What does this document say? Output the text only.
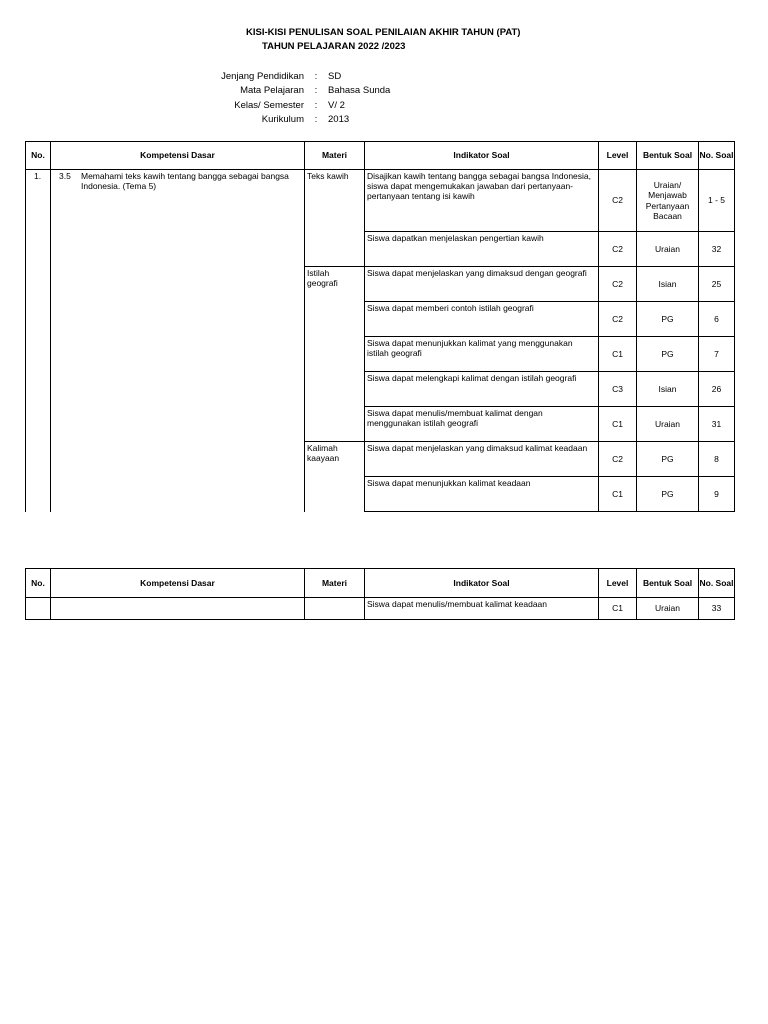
KISI-KISI PENULISAN SOAL PENILAIAN AKHIR TAHUN (PAT)
TAHUN PELAJARAN 2022 /2023
Jenjang Pendidikan	:	SD
Mata Pelajaran	:	Bahasa Sunda
Kelas/ Semester	:	V/ 2
Kurikulum	:	2013
No.	Kompetensi Dasar	Materi	Indikator Soal	Level	Bentuk Soal	No. Soal
1.	3.5 Memahami teks kawih tentang bangga sebagai bangsa Indonesia. (Tema 5)	Teks kawih	Disajikan kawih tentang bangga sebagai bangsa Indonesia, siswa dapat mengemukakan jawaban dari pertanyaan-pertanyaan tentang isi kawih	C2	Uraian/ Menjawab Pertanyaan Bacaan	1 - 5
			Siswa dapatkan menjelaskan pengertian kawih	C2	Uraian	32
		Istilah geografi	Siswa dapat menjelaskan yang dimaksud dengan geografi	C2	Isian	25
			Siswa dapat memberi contoh istilah geografi	C2	PG	6
			Siswa dapat menunjukkan kalimat yang menggunakan istilah geografi	C1	PG	7
			Siswa dapat melengkapi kalimat dengan istilah geografi	C3	Isian	26
			Siswa dapat menulis/membuat kalimat dengan menggunakan istilah geografi	C1	Uraian	31
		Kalimah kaayaan	Siswa dapat menjelaskan yang dimaksud kalimat keadaan	C2	PG	8
			Siswa dapat menunjukkan kalimat keadaan	C1	PG	9
No.	Kompetensi Dasar	Materi	Indikator Soal	Level	Bentuk Soal	No. Soal
			Siswa dapat menulis/membuat kalimat keadaan	C1	Uraian	33
